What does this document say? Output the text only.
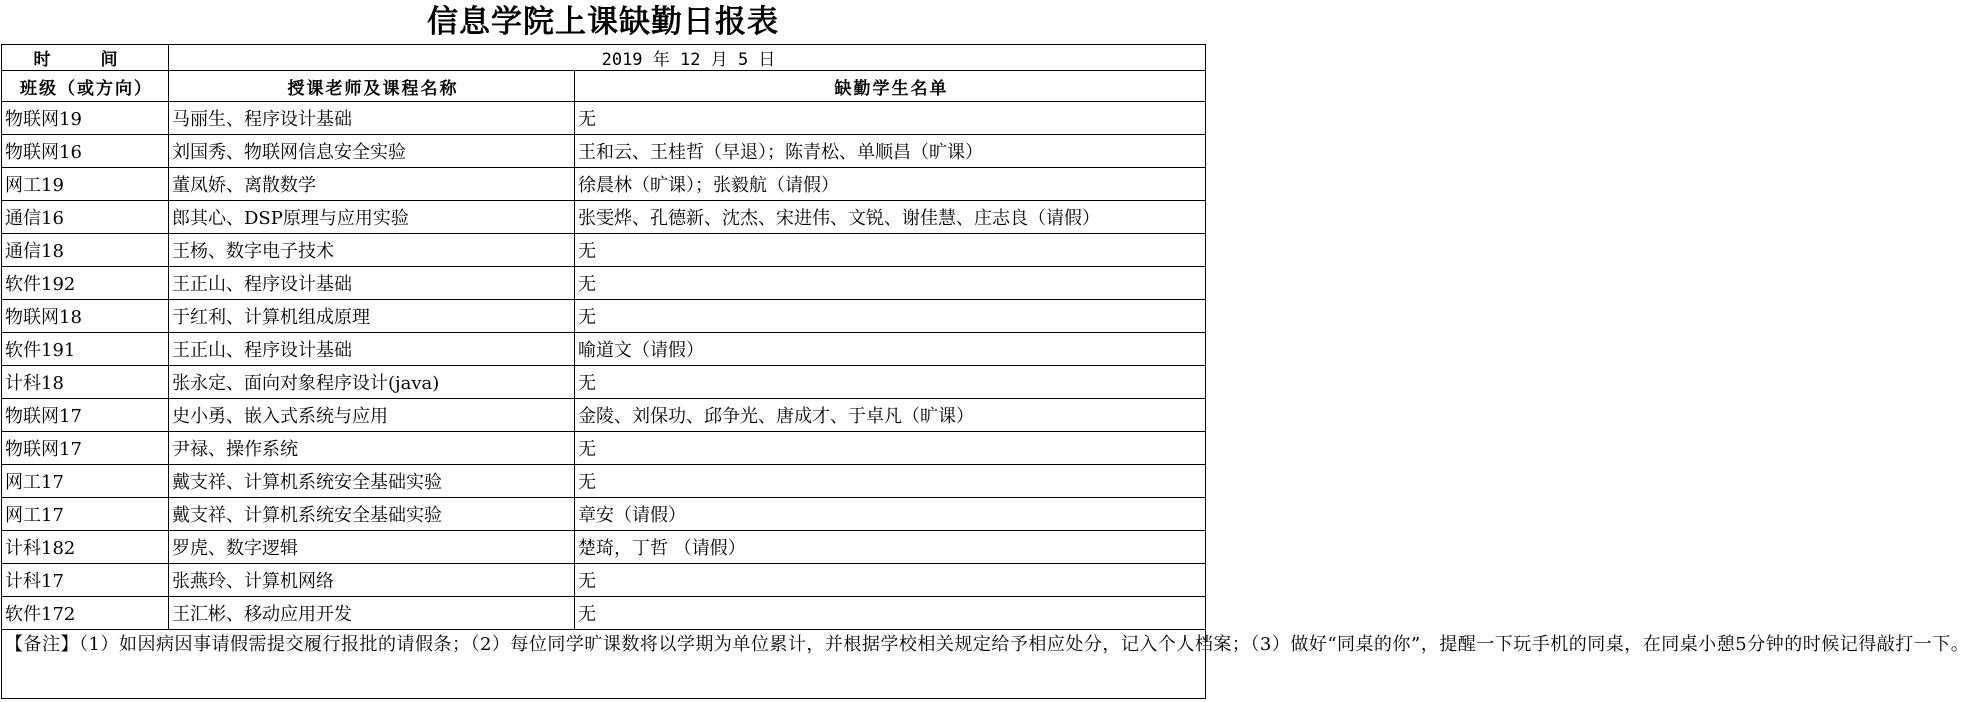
信息学院上课缺勤日报表
时 间	2019 年 12 月 5 日	
班级（或方向）	授课老师及课程名称	缺勤学生名单
物联网19	马丽生、程序设计基础	无
物联网16	刘国秀、物联网信息安全实验	王和云、王桂哲（早退）；陈青松、单顺昌（旷课）
网工19	董凤娇、离散数学	徐晨林（旷课）；张毅航（请假）
通信16	郎其心、DSP原理与应用实验	张雯烨、孔德新、沈杰、宋进伟、文锐、谢佳慧、庄志良（请假）
通信18	王杨、数字电子技术	无
软件192	王正山、程序设计基础	无
物联网18	于红利、计算机组成原理	无
软件191	王正山、程序设计基础	喻道文（请假）
计科18	张永定、面向对象程序设计(java)	无
物联网17	史小勇、嵌入式系统与应用	金陵、刘保功、邱争光、唐成才、于卓凡（旷课）
物联网17	尹禄、操作系统	无
网工17	戴支祥、计算机系统安全基础实验	无
网工17	戴支祥、计算机系统安全基础实验	章安（请假）
计科182	罗虎、数字逻辑	楚琦，丁哲 （请假）
计科17	张燕玲、计算机网络	无
软件172	王汇彬、移动应用开发	无
【备注】（1）如因病因事请假需提交履行报批的请假条；（2）每位同学旷课数将以学期为单位累计，并根据学校相关规定给予相应处分，记入个人档案；（3）做好“同桌的你”，提醒一下玩手机的同桌，在同桌小憩5分钟的时候记得敲打一下。		
